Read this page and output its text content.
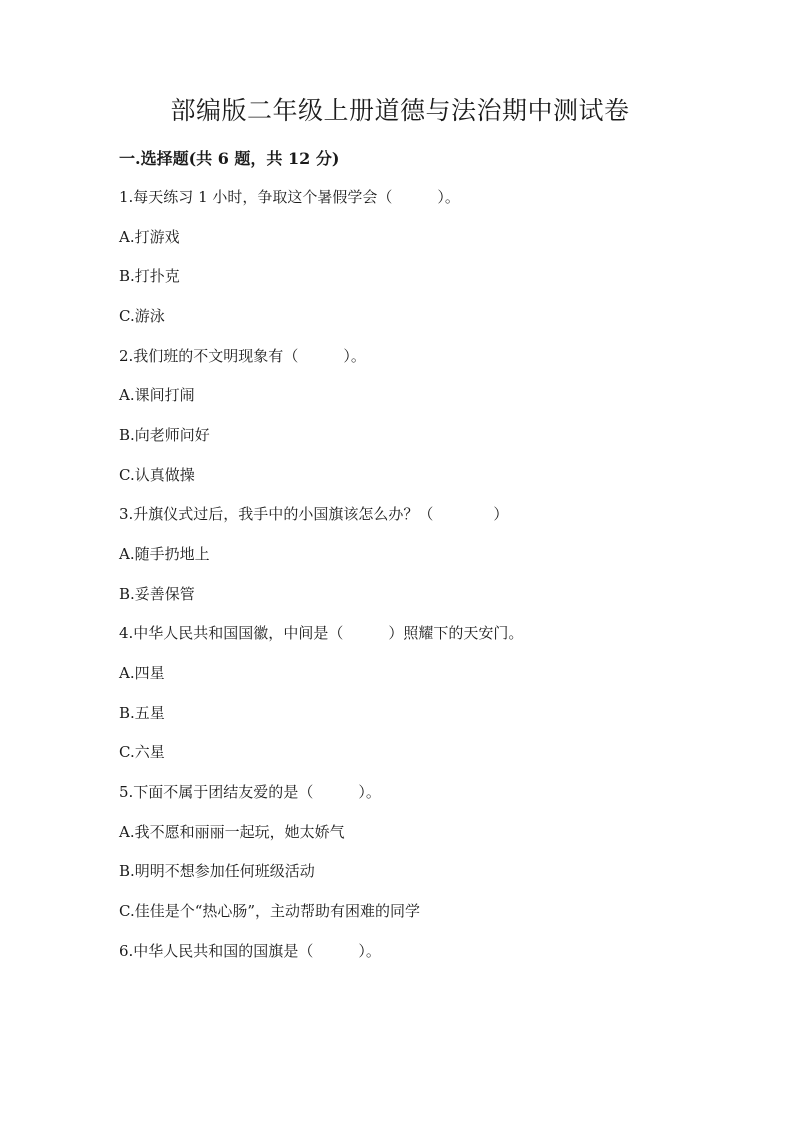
部编版二年级上册道德与法治期中测试卷
一.选择题(共 6 题，共 12 分)
1.每天练习 1 小时，争取这个暑假学会（　　　）。
A.打游戏
B.打扑克
C.游泳
2.我们班的不文明现象有（　　　）。
A.课间打闹
B.向老师问好
C.认真做操
3.升旗仪式过后，我手中的小国旗该怎么办？（　　　　）
A.随手扔地上
B.妥善保管
4.中华人民共和国国徽，中间是（　　　）照耀下的天安门。
A.四星
B.五星
C.六星
5.下面不属于团结友爱的是（　　　）。
A.我不愿和丽丽一起玩，她太娇气
B.明明不想参加任何班级活动
C.佳佳是个“热心肠”，主动帮助有困难的同学
6.中华人民共和国的国旗是（　　　）。
